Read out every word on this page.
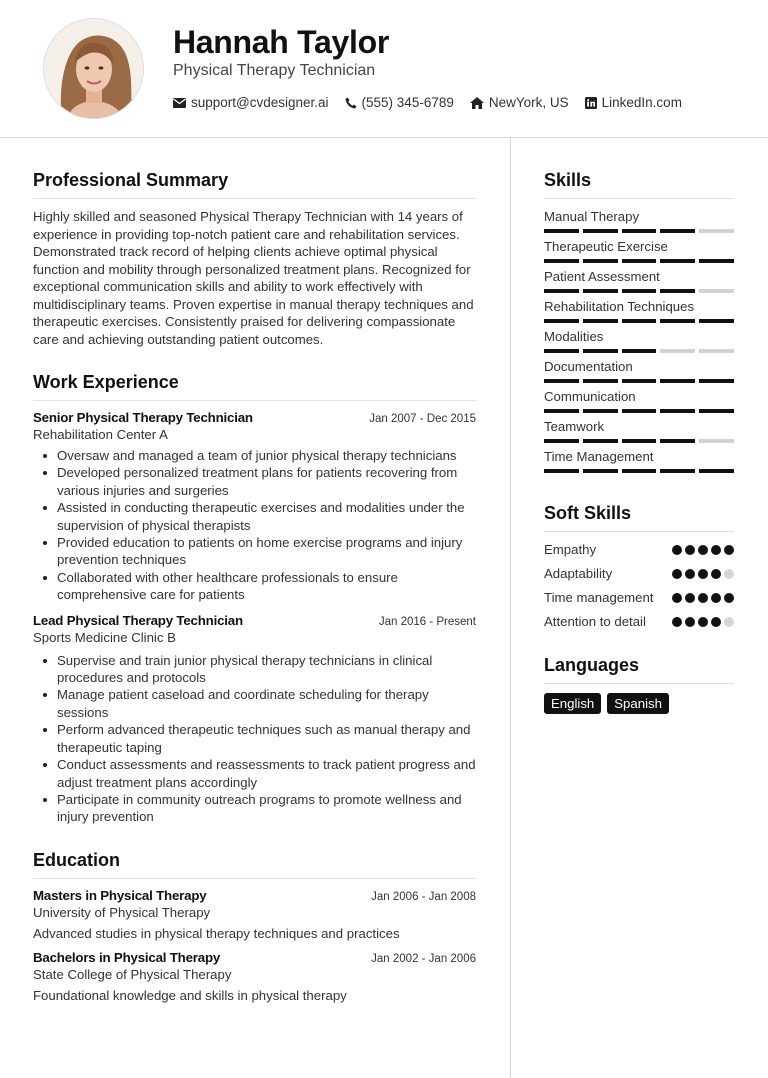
Hannah Taylor
Physical Therapy Technician
support@cvdesigner.ai (555) 345-6789	NewYork, US LinkedIn.com
Professional Summary
Highly skilled and seasoned Physical Therapy Technician with 14 years of experience in providing top-notch patient care and rehabilitation services. Demonstrated track record of helping clients achieve optimal physical function and mobility through personalized treatment plans. Recognized for exceptional communication skills and ability to work effectively with multidisciplinary teams. Proven expertise in manual therapy techniques and therapeutic exercises. Consistently praised for delivering compassionate care and achieving outstanding patient outcomes.
Work Experience
Senior Physical Therapy Technician	Jan 2007 - Dec 2015
Rehabilitation Center A
Oversaw and managed a team of junior physical therapy technicians
Developed personalized treatment plans for patients recovering from various injuries and surgeries
Assisted in conducting therapeutic exercises and modalities under the supervision of physical therapists
Provided education to patients on home exercise programs and injury prevention techniques
Collaborated with other healthcare professionals to ensure comprehensive care for patients
Lead Physical Therapy Technician	Jan 2016 - Present
Sports Medicine Clinic B
Supervise and train junior physical therapy technicians in clinical procedures and protocols
Manage patient caseload and coordinate scheduling for therapy sessions
Perform advanced therapeutic techniques such as manual therapy and therapeutic taping
Conduct assessments and reassessments to track patient progress and adjust treatment plans accordingly
Participate in community outreach programs to promote wellness and injury prevention
Education
Masters in Physical Therapy	Jan 2006 - Jan 2008
University of Physical Therapy
Advanced studies in physical therapy techniques and practices
Bachelors in Physical Therapy	Jan 2002 - Jan 2006
State College of Physical Therapy
Foundational knowledge and skills in physical therapy
Skills
Manual Therapy
Therapeutic Exercise
Patient Assessment
Rehabilitation Techniques
Modalities
Documentation
Communication
Teamwork
Time Management
Soft Skills
Empathy
Adaptability
Time management
Attention to detail
Languages
English	Spanish
